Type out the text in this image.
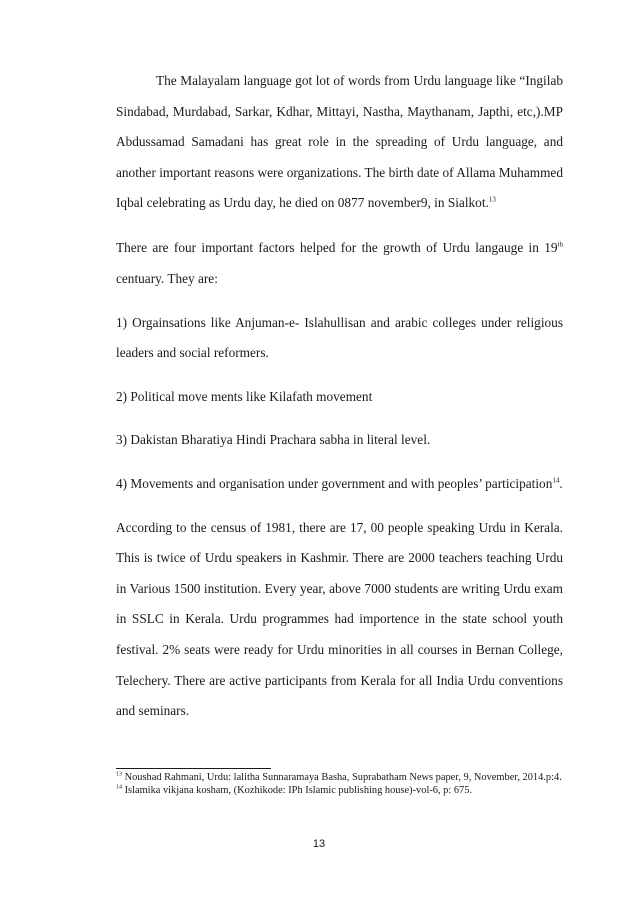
The Malayalam language got lot of words from Urdu language like “Ingilab Sindabad, Murdabad, Sarkar, Kdhar, Mittayi, Nastha, Maythanam, Japthi, etc,).MP Abdussamad Samadani has great role in the spreading of Urdu language, and another important reasons were organizations. The birth date of Allama Muhammed Iqbal celebrating as Urdu day, he died on 0877 november9, in Sialkot.$^{13}$

There are four important factors helped for the growth of Urdu langauge in 19th centuary. They are:

1) Orgainsations like Anjuman-e- Islahullisan and arabic colleges under religious leaders and social reformers.

2) Political move ments like Kilafath movement

3) Dakistan Bharatiya Hindi Prachara sabha in literal level.

4) Movements and organisation under government and with peoples’ participation$^{14}$.

According to the census of 1981, there are 17, 00 people speaking Urdu in Kerala. This is twice of Urdu speakers in Kashmir. There are 2000 teachers teaching Urdu in Various 1500 institution. Every year, above 7000 students are writing Urdu exam in SSLC in Kerala. Urdu programmes had importence in the state school youth festival. 2% seats were ready for Urdu minorities in all courses in Bernan College, Telechery. There are active participants from Kerala for all India Urdu conventions and seminars.

$^{13}$ Noushad Rahmani, Urdu: lalitha Sunnaramaya Basha, Suprabatham News paper, 9, November, 2014.p:4.

$^{14}$ Islamika vikjana kosham, (Kozhikode: IPh Islamic publishing house)-vol-6, p: 675.

13
